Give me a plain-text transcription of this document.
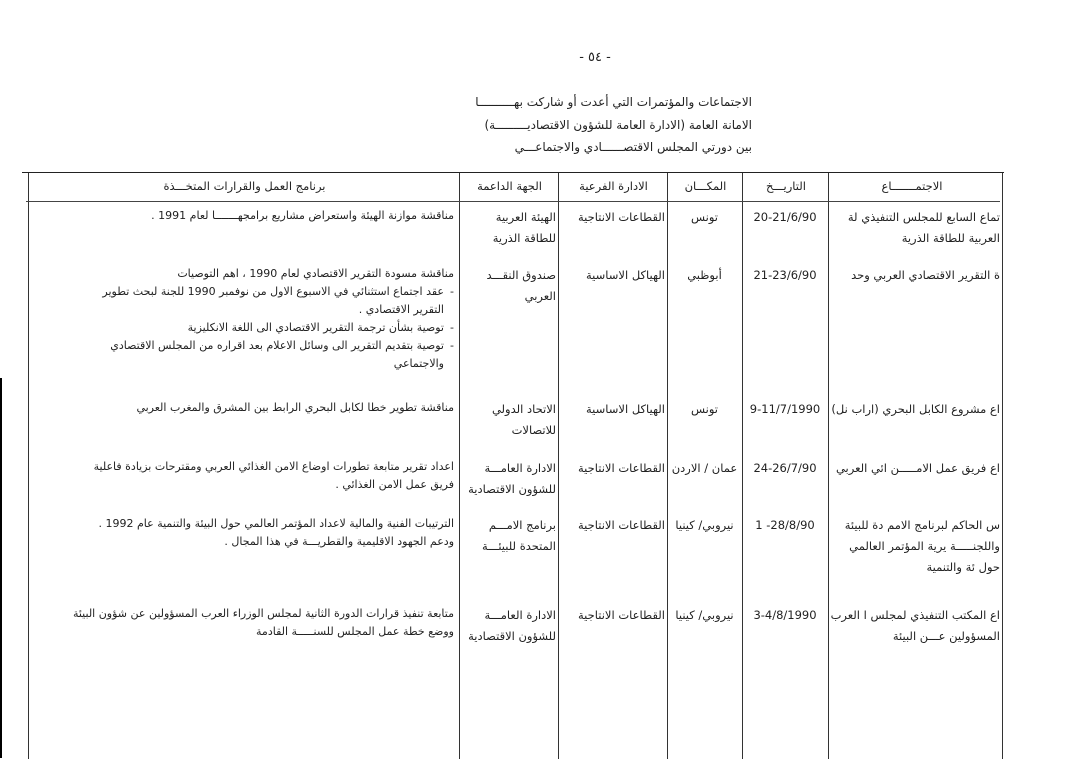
- ٥٤ -
الاجتماعات والمؤتمرات التي أعدت أو شاركت بهــــــــــا
الامانة العامة (الادارة العامة للشؤون الاقتصاديـــــــــة)
بين دورتي المجلس الاقتصــــــادي والاجتماعـــي
الاجتمـــــــاع
التاريـــخ
المكـــان
الادارة الفرعية
الجهة الداعمة
برنامج العمل والقرارات المتخـــذة
تماع السابع للمجلس التنفيذي لة العربية للطاقة الذرية
20-21/6/90
تونس
القطاعات الانتاجية
الهيئة العربية للطاقة الذرية
مناقشة موازنة الهيئة واستعراض مشاريع برامجهـــــــا لعام 1991 .
ة التقرير الاقتصادي العربي وحد
21-23/6/90
أبوظبي
الهياكل الاساسية
صندوق النقـــد العربي
مناقشة مسودة التقرير الاقتصادي لعام 1990 ، اهم التوصيات
- عقد اجتماع استثنائي في الاسبوع الاول من نوفمبر 1990 للجنة لبحث تطوير التقرير الاقتصادي .
- توصية بشأن ترجمة التقرير الاقتصادي الى اللغة الانكليزية
- توصية بتقديم التقرير الى وسائل الاعلام بعد اقراره من المجلس الاقتصادي والاجتماعي
اع مشروع الكابل البحري (اراب نل)
9-11/7/1990
تونس
الهياكل الاساسية
الاتحاد الدولي للاتصالات
مناقشة تطوير خطا لكابل البحري الرابط بين المشرق والمغرب العربي
اع فريق عمل الامـــــن ائي العربي
24-26/7/90
عمان / الاردن
القطاعات الانتاجية
الادارة العامـــة للشؤون الاقتصادية
اعداد تقرير متابعة تطورات اوضاع الامن الغذائي العربي ومقترحات بزيادة فاعلية فريق عمل الامن الغذائي .
س الحاكم لبرنامج الامم دة للبيئة واللجنـــــة يرية المؤتمر العالمي حول ئة والتنمية
1 -28/8/90
نيروبي/ كينيا
القطاعات الانتاجية
برنامج الامـــم المتحدة للبيئـــة
الترتيبات الفنية والمالية لاعداد المؤتمر العالمي حول البيئة والتنمية عام 1992 . ودعم الجهود الاقليمية والقطريـــة في هذا المجال .
اع المكتب التنفيذي لمجلس ا العرب المسؤولين عـــن البيئة
3-4/8/1990
نيروبي/ كينيا
القطاعات الانتاجية
الادارة العامـــة للشؤون الاقتصادية
متابعة تنفيذ قرارات الدورة الثانية لمجلس الوزراء العرب المسؤولين عن شؤون البيئة ووضع خطة عمل المجلس للسنـــــة القادمة
